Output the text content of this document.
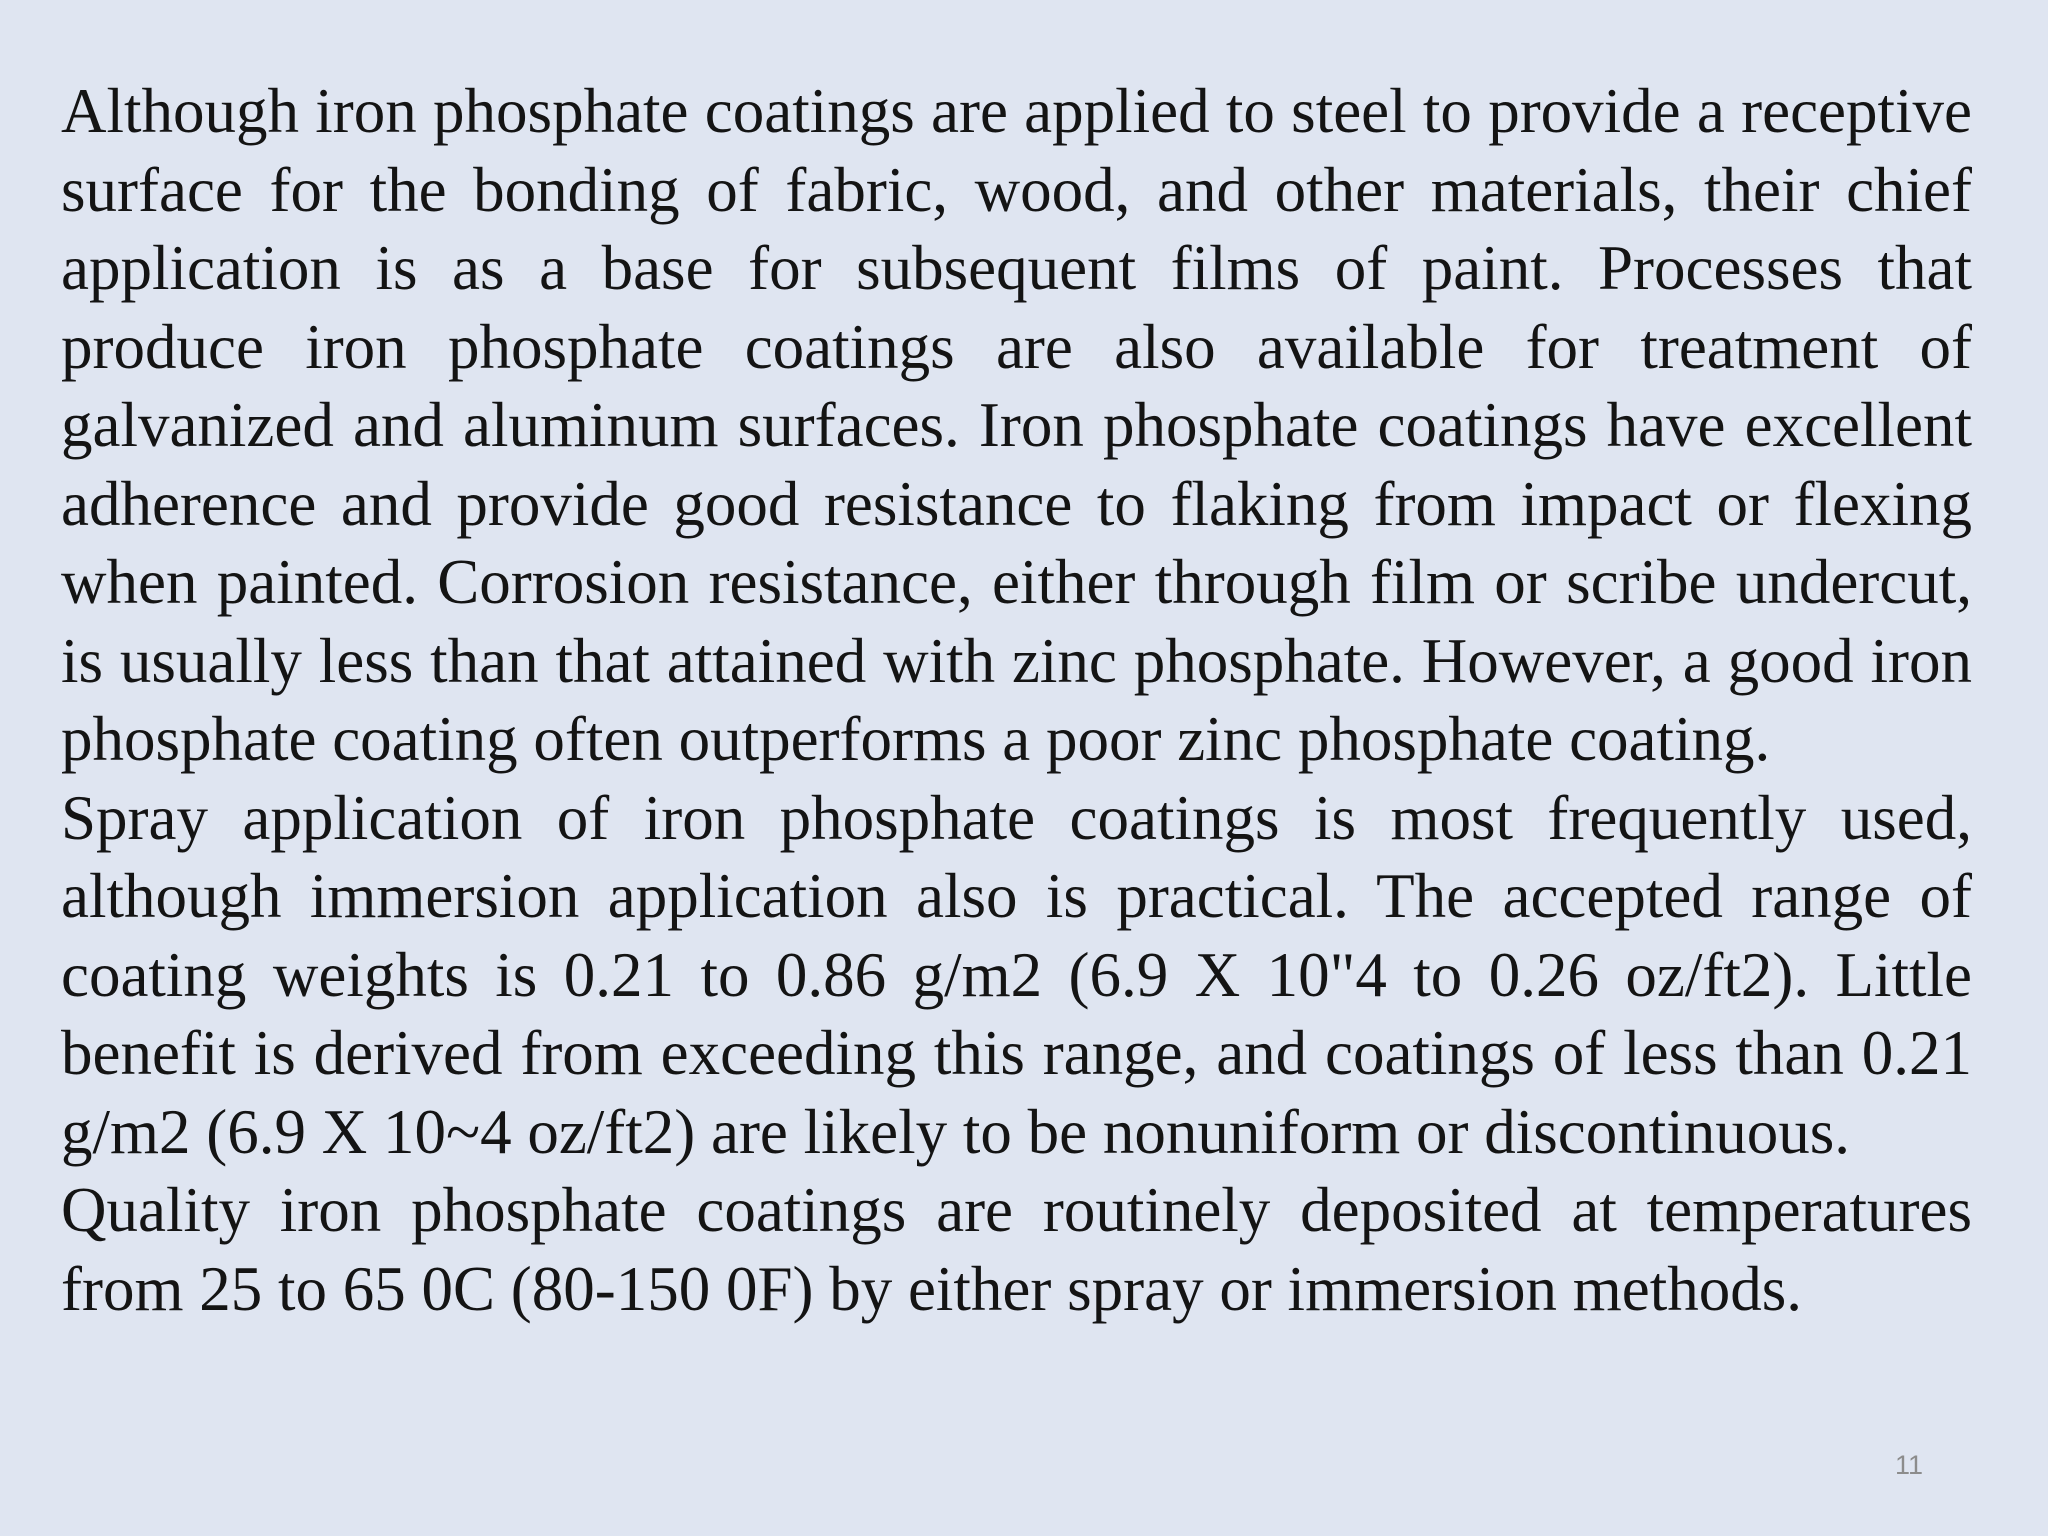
Although iron phosphate coatings are applied to steel to provide a receptive surface for the bonding of fabric, wood, and other materials, their chief application is as a base for subsequent films of paint. Processes that produce iron phosphate coatings are also available for treatment of galvanized and aluminum surfaces. Iron phosphate coatings have excellent adherence and provide good resistance to flaking from impact or flexing when painted. Corrosion resistance, either through film or scribe undercut, is usually less than that attained with zinc phosphate. However, a good iron phosphate coating often outperforms a poor zinc phosphate coating.

Spray application of iron phosphate coatings is most frequently used, although immersion application also is practical. The accepted range of coating weights is 0.21 to 0.86 g/m2 (6.9 X 10"4 to 0.26 oz/ft2). Little benefit is derived from exceeding this range, and coatings of less than 0.21 g/m2 (6.9 X 10~4 oz/ft2) are likely to be nonuniform or discontinuous.

Quality iron phosphate coatings are routinely deposited at temperatures from 25 to 65 0C (80-150 0F) by either spray or immersion methods.

11
